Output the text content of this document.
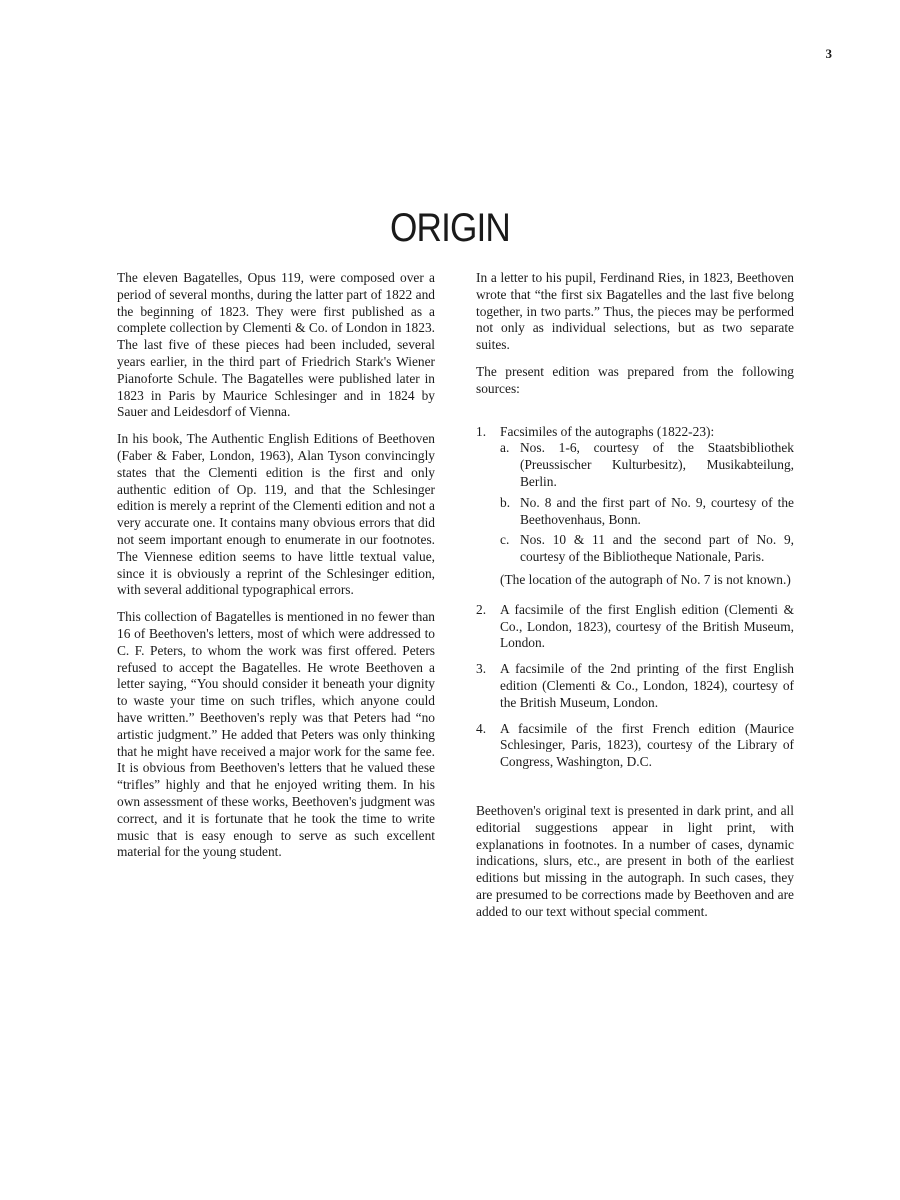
3
ORIGIN

The eleven Bagatelles, Opus 119, were composed over a period of several months, during the latter part of 1822 and the beginning of 1823. They were first published as a complete collection by Clementi & Co. of London in 1823. The last five of these pieces had been included, several years earlier, in the third part of Friedrich Stark's Wiener Pianoforte Schule. The Bagatelles were published later in 1823 in Paris by Maurice Schlesinger and in 1824 by Sauer and Leidesdorf of Vienna.

In his book, The Authentic English Editions of Beethoven (Faber & Faber, London, 1963), Alan Tyson convincingly states that the Clementi edition is the first and only authentic edition of Op. 119, and that the Schlesinger edition is merely a reprint of the Clementi edition and not a very accurate one. It contains many obvious errors that did not seem important enough to enumerate in our footnotes. The Viennese edition seems to have little textual value, since it is obviously a reprint of the Schlesinger edition, with several additional typographical errors.

This collection of Bagatelles is mentioned in no fewer than 16 of Beethoven's letters, most of which were addressed to C. F. Peters, to whom the work was first offered. Peters refused to accept the Bagatelles. He wrote Beethoven a letter saying, “You should consider it beneath your dignity to waste your time on such trifles, which anyone could have written.” Beethoven's reply was that Peters had “no artistic judgment.” He added that Peters was only thinking that he might have received a major work for the same fee. It is obvious from Beethoven's letters that he valued these “trifles” highly and that he enjoyed writing them. In his own assessment of these works, Beethoven's judgment was correct, and it is fortunate that he took the time to write music that is easy enough to serve as such excellent material for the young student.

In a letter to his pupil, Ferdinand Ries, in 1823, Beethoven wrote that “the first six Bagatelles and the last five belong together, in two parts.” Thus, the pieces may be performed not only as individual selections, but as two separate suites.

The present edition was prepared from the following sources:

1.	Facsimiles of the autographs (1822-23):
a. Nos. 1-6, courtesy of the Staatsbibliothek (Preussischer Kulturbesitz), Musikabteilung, Berlin.
b. No. 8 and the first part of No. 9, courtesy of the Beethovenhaus, Bonn.
c. Nos. 10 & 11 and the second part of No. 9, courtesy of the Bibliotheque Nationale, Paris.
(The location of the autograph of No. 7 is not known.)
2.	A facsimile of the first English edition (Clementi & Co., London, 1823), courtesy of the British Museum, London.
3.	A facsimile of the 2nd printing of the first English edition (Clementi & Co., London, 1824), courtesy of the British Museum, London.
4.	A facsimile of the first French edition (Maurice Schlesinger, Paris, 1823), courtesy of the Library of Congress, Washington, D.C.

Beethoven's original text is presented in dark print, and all editorial suggestions appear in light print, with explanations in footnotes. In a number of cases, dynamic indications, slurs, etc., are present in both of the earliest editions but missing in the autograph. In such cases, they are presumed to be corrections made by Beethoven and are added to our text without special comment.
